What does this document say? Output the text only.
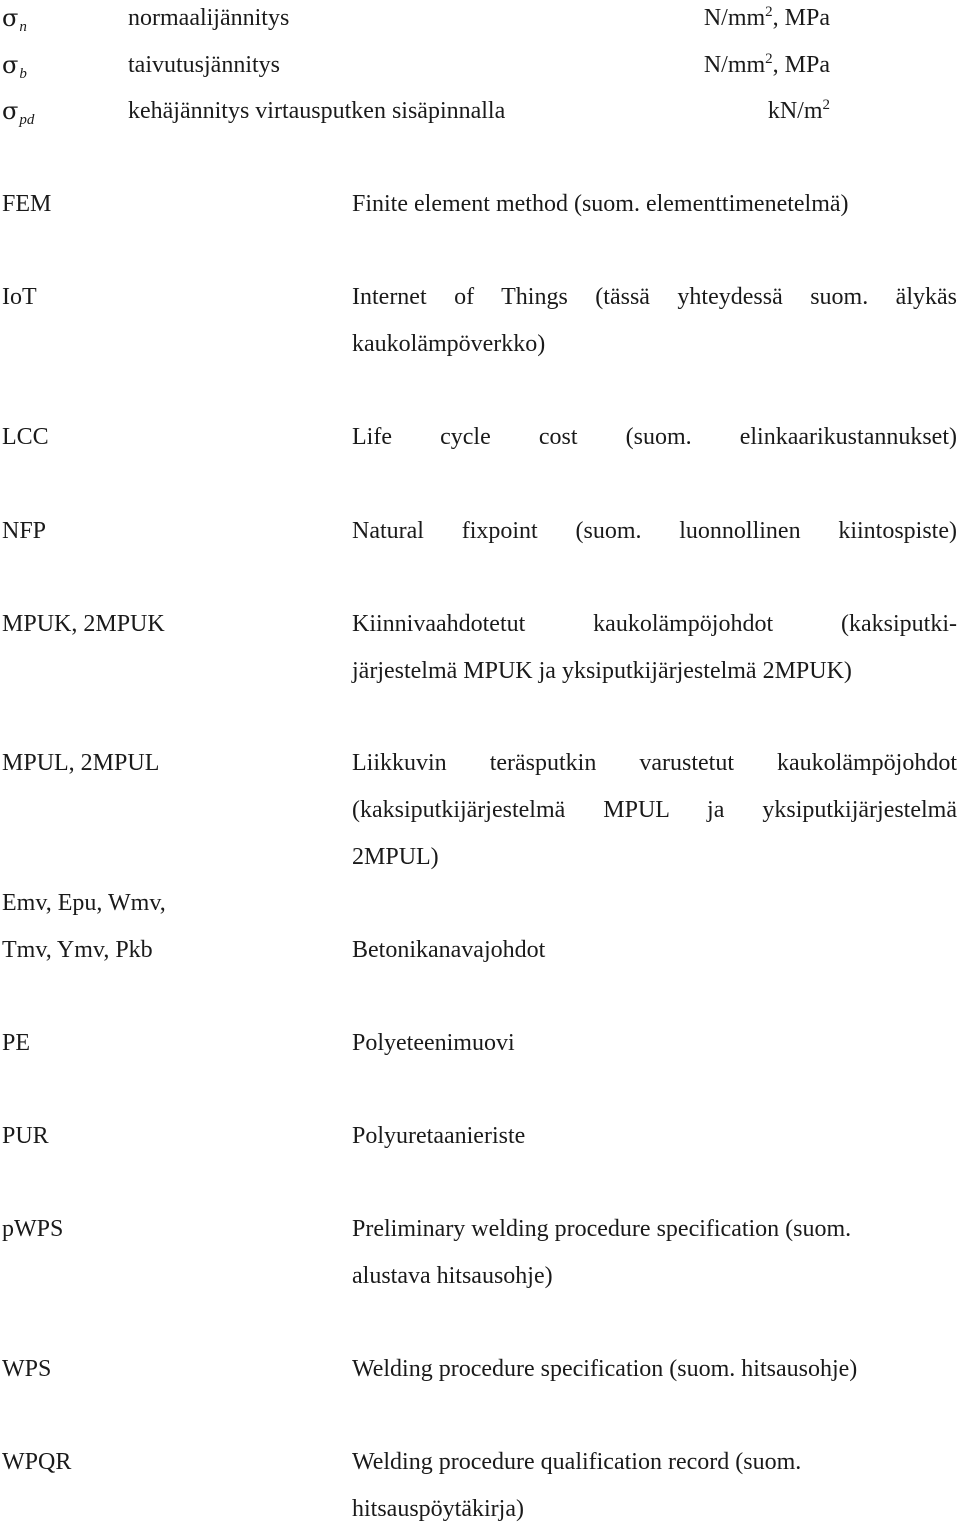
$\sigma_n$	normaalijännitys	$N/mm^2$, MPa
$\sigma_b$	taivutusjännitys	$N/mm^2$, MPa
$\sigma_{pd}$	kehäjännitys virtausputken sisäpinnalla	$kN/m^2$
FEM	Finite element method (suom. elementtimenetelmä)
IoT	Internet of Things (tässä yhteydessä suom. älykäs
kaukolämpöverkko)
LCC	Life cycle cost (suom. elinkaarikustannukset)
NFP	Natural fixpoint (suom. luonnollinen kiintospiste)
MPUK, 2MPUK	Kiinnivaahdotetut kaukolämpöjohdot (kaksiputki-
järjestelmä MPUK ja yksiputkijärjestelmä 2MPUK)
MPUL, 2MPUL	Liikkuvin teräsputkin varustetut kaukolämpöjohdot
(kaksiputkijärjestelmä MPUL ja yksiputkijärjestelmä
2MPUL)
Emv, Epu, Wmv,
Tmv, Ymv, Pkb	Betonikanavajohdot
PE	Polyeteenimuovi
PUR	Polyuretaanieriste
pWPS	Preliminary welding procedure specification (suom.
alustava hitsausohje)
WPS	Welding procedure specification (suom. hitsausohje)
WPQR	Welding procedure qualification record (suom.
hitsauspöytäkirja)
